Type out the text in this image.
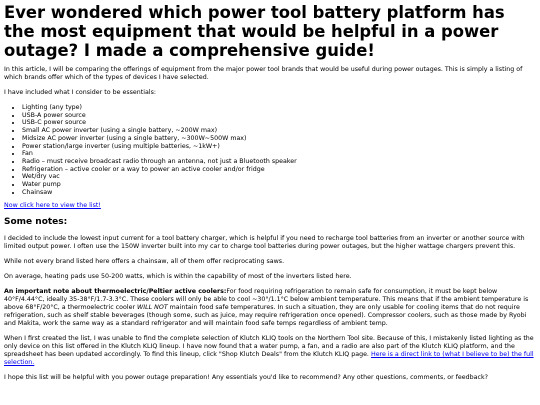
Ever wondered which power tool battery platform has the most equipment that would be helpful in a power outage? I made a comprehensive guide!

In this article, I will be comparing the offerings of equipment from the major power tool brands that would be useful during power outages. This is simply a listing of which brands offer which of the types of devices I have selected.

I have included what I consider to be essentials:

• Lighting (any type)
• USB-A power source
• USB-C power source
• Small AC power inverter (using a single battery, ~200W max)
• Midsize AC power inverter (using a single battery, ~300W~500W max)
• Power station/large inverter (using multiple batteries, ~1kW+)
• Fan
• Radio – must receive broadcast radio through an antenna, not just a Bluetooth speaker
• Refrigeration – active cooler or a way to power an active cooler and/or fridge
• Wet/dry vac
• Water pump
• Chainsaw

Now click here to view the list!

Some notes:

I decided to include the lowest input current for a tool battery charger, which is helpful if you need to recharge tool batteries from an inverter or another source with limited output power. I often use the 150W inverter built into my car to charge tool batteries during power outages, but the higher wattage chargers prevent this.

While not every brand listed here offers a chainsaw, all of them offer reciprocating saws.

On average, heating pads use 50-200 watts, which is within the capability of most of the inverters listed here.

An important note about thermoelectric/Peltier active coolers:For food requiring refrigeration to remain safe for consumption, it must be kept below 40°F/4.44°C, ideally 35-38°F/1.7-3.3°C. These coolers will only be able to cool ~30°/1.1°C below ambient temperature. This means that if the ambient temperature is above 68°F/20°C, a thermoelectric cooler WILL NOT maintain food safe temperatures. In such a situation, they are only usable for cooling items that do not require refrigeration, such as shelf stable beverages (though some, such as juice, may require refrigeration once opened). Compressor coolers, such as those made by Ryobi and Makita, work the same way as a standard refrigerator and will maintain food safe temps regardless of ambient temp.

When I first created the list, I was unable to find the complete selection of Klutch KLIQ tools on the Northern Tool site. Because of this, I mistakenly listed lighting as the only device on this list offered in the Klutch KLIQ lineup. I have now found that a water pump, a fan, and a radio are also part of the Klutch KLIQ platform, and the spreadsheet has been updated accordingly. To find this lineup, click "Shop Klutch Deals" from the Klutch KLIQ page. Here is a direct link to (what I believe to be) the full selection.

I hope this list will be helpful with you power outage preparation! Any essentials you'd like to recommend? Any other questions, comments, or feedback?
